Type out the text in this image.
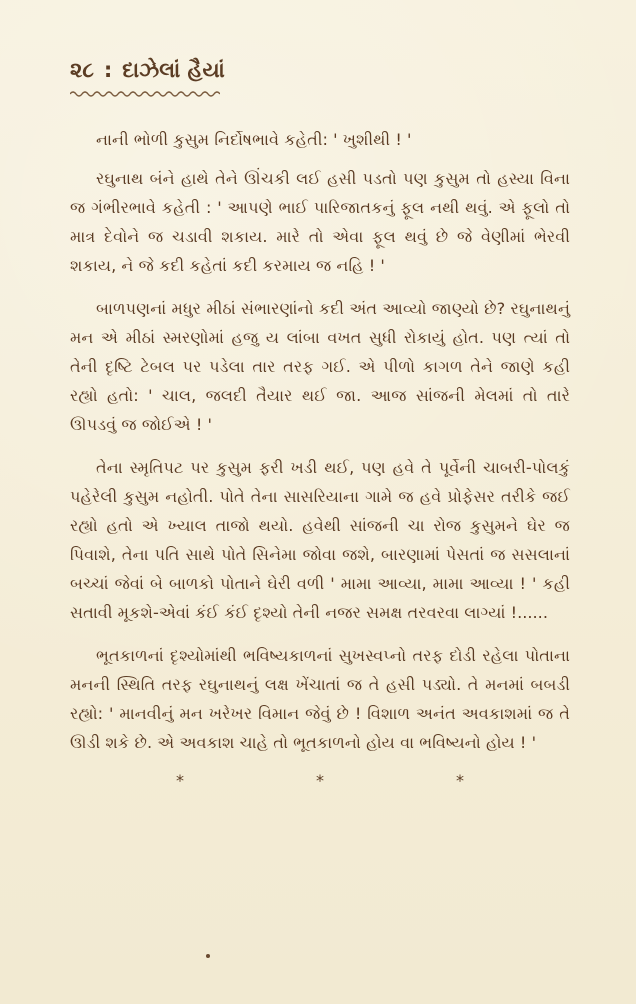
૨૮ : દાઝેલાં હૈયાં

નાની ભોળી કુસુમ નિર્દોષભાવે કહેતી: ' ખુશીથી ! '

રઘુનાથ બંને હાથે તેને ઊંચકી લઈ હસી પડતો પણ કુસુમ તો હસ્યા વિના જ ગંભીરભાવે કહેતી : ' આપણે ભાઈ પારિજાતકનું ફૂલ નથી થવું. એ ફૂલો તો માત્ર દેવોને જ ચડાવી શકાય. મારે તો એવા ફૂલ થવું છે જે વેણીમાં ભેરવી શકાય, ને જે કદી કહેતાં કદી કરમાય જ નહિ ! '

બાળપણનાં મધુર મીઠાં સંભારણાંનો કદી અંત આવ્યો જાણ્યો છે? રઘુનાથનું મન એ મીઠાં સ્મરણોમાં હજુ ય લાંબા વખત સુધી રોકાયું હોત. પણ ત્યાં તો તેની દૃષ્ટિ ટેબલ પર પડેલા તાર તરફ ગઈ. એ પીળો કાગળ તેને જાણે કહી રહ્યો હતો: ' ચાલ, જલદી તૈયાર થઈ જા. આજ સાંજની મેલમાં તો તારે ઊપડવું જ જોઈએ ! '

તેના સ્મૃતિપટ પર કુસુમ ફરી ખડી થઈ, પણ હવે તે પૂર્વેની ચાબરી-પોલકું પહેરેલી કુસુમ નહોતી. પોતે તેના સાસરિયાના ગામે જ હવે પ્રોફેસર તરીકે જઈ રહ્યો હતો એ ખ્યાલ તાજો થયો. હવેથી સાંજની ચા રોજ કુસુમને ઘેર જ પિવાશે, તેના પતિ સાથે પોતે સિનેમા જોવા જશે, બારણામાં પેસતાં જ સસલાનાં બચ્ચાં જેવાં બે બાળકો પોતાને ઘેરી વળી ' મામા આવ્યા, મામા આવ્યા ! ' કહી સતાવી મૂકશે-એવાં કંઈ કંઈ દૃશ્યો તેની નજર સમક્ષ તરવરવા લાગ્યાં !......

ભૂતકાળનાં દૃશ્યોમાંથી ભવિષ્યકાળનાં સુખસ્વપ્નો તરફ દોડી રહેલા પોતાના મનની સ્થિતિ તરફ રઘુનાથનું લક્ષ ખેંચાતાં જ તે હસી પડ્યો. તે મનમાં બબડી રહ્યો: ' માનવીનું મન ખરેખર વિમાન જેવું છે ! વિશાળ અનંત અવકાશમાં જ તે ઊડી શકે છે. એ અવકાશ ચાહે તો ભૂતકાળનો હોય વા ભવિષ્યનો હોય ! '

*	*	*
